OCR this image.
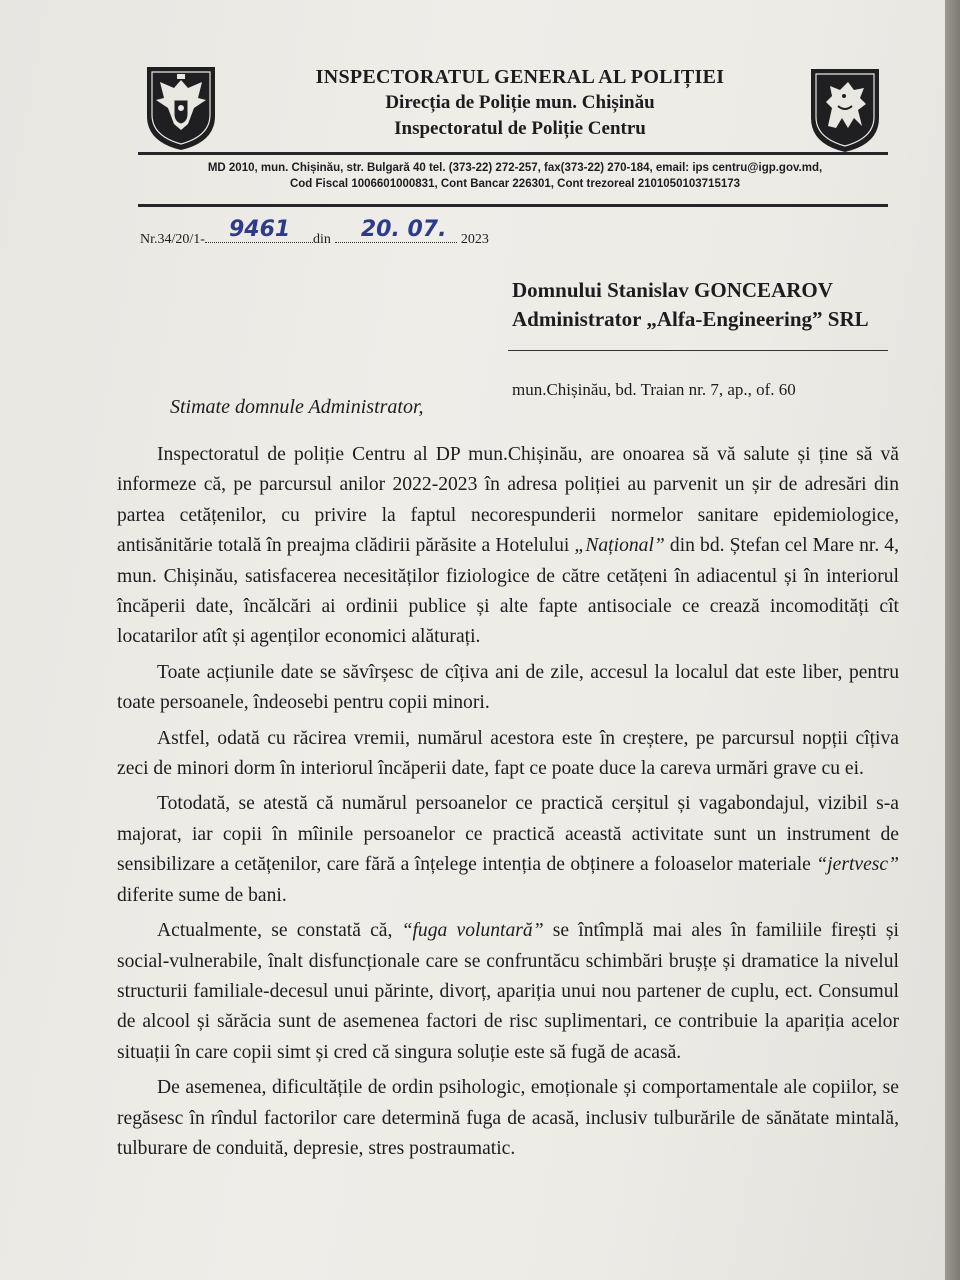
INSPECTORATUL GENERAL AL POLIȚIEI
Direcția de Poliție mun. Chișinău
Inspectoratul de Poliție Centru
MD 2010, mun. Chișinău, str. Bulgară 40 tel. (373-22) 272-257, fax(373-22) 270-184, email: ips centru@igp.gov.md,
Cod Fiscal 1006601000831, Cont Bancar 226301, Cont trezoreal 2101050103715173
Nr.34/20/1- 9461 din 20. 07. 2023
Domnului Stanislav GONCEAROV
Administrator „Alfa-Engineering” SRL
mun.Chișinău, bd. Traian nr. 7, ap., of. 60
Stimate domnule Administrator,

Inspectoratul de poliție Centru al DP mun.Chișinău, are onoarea să vă salute și ține să vă informeze că, pe parcursul anilor 2022-2023 în adresa poliției au parvenit un șir de adresări din partea cetățenilor, cu privire la faptul necorespunderii normelor sanitare epidemiologice, antisănitărie totală în preajma clădirii părăsite a Hotelului „Național” din bd. Ștefan cel Mare nr. 4, mun. Chișinău, satisfacerea necesităților fiziologice de către cetățeni în adiacentul și în interiorul încăperii date, încălcări ai ordinii publice și alte fapte antisociale ce crează incomodități cît locatarilor atît și agenților economici alăturați.

Toate acțiunile date se săvîrșesc de cîțiva ani de zile, accesul la localul dat este liber, pentru toate persoanele, îndeosebi pentru copii minori.

Astfel, odată cu răcirea vremii, numărul acestora este în creștere, pe parcursul nopții cîțiva zeci de minori dorm în interiorul încăperii date, fapt ce poate duce la careva urmări grave cu ei.

Totodată, se atestă că numărul persoanelor ce practică cerșitul și vagabondajul, vizibil s-a majorat, iar copii în mîinile persoanelor ce practică această activitate sunt un instrument de sensibilizare a cetățenilor, care fără a înțelege intenția de obținere a foloaselor materiale “jertvesc” diferite sume de bani.

Actualmente, se constată că, “fuga voluntară” se întîmplă mai ales în familiile firești și social-vulnerabile, înalt disfuncționale care se confruntăcu schimbări brușțe și dramatice la nivelul structurii familiale-decesul unui părinte, divorț, apariția unui nou partener de cuplu, ect. Consumul de alcool și sărăcia sunt de asemenea factori de risc suplimentari, ce contribuie la apariția acelor situații în care copii simt și cred că singura soluție este să fugă de acasă.

De asemenea, dificultățile de ordin psihologic, emoționale și comportamentale ale copiilor, se regăsesc în rîndul factorilor care determină fuga de acasă, inclusiv tulburările de sănătate mintală, tulburare de conduită, depresie, stres postraumatic.
